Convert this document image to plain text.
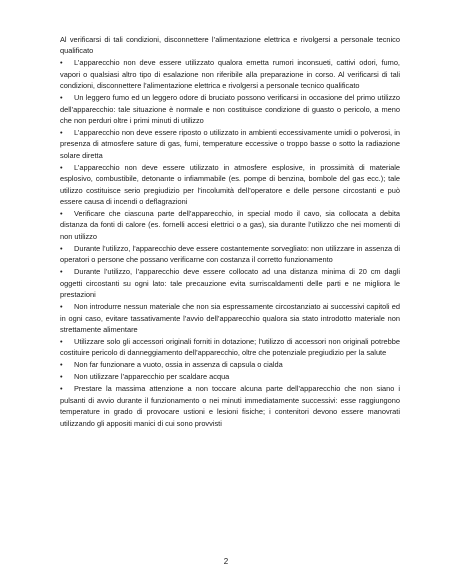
Al verificarsi di tali condizioni, disconnettere l’alimentazione elettrica e rivolgersi a personale tecnico qualificato

• L’apparecchio non deve essere utilizzato qualora emetta rumori inconsueti, cattivi odori, fumo, vapori o qualsiasi altro tipo di esalazione non riferibile alla preparazione in corso. Al verificarsi di tali condizioni, disconnettere l’alimentazione elettrica e rivolgersi a personale tecnico qualificato

• Un leggero fumo ed un leggero odore di bruciato possono verificarsi in occasione del primo utilizzo dell’apparecchio: tale situazione è normale e non costituisce condizione di guasto o pericolo, a meno che non perduri oltre i primi minuti di utilizzo

• L’apparecchio non deve essere riposto o utilizzato in ambienti eccessivamente umidi o polverosi, in presenza di atmosfere sature di gas, fumi, temperature eccessive o troppo basse o sotto la radiazione solare diretta

• L’apparecchio non deve essere utilizzato in atmosfere esplosive, in prossimità di materiale esplosivo, combustibile, detonante o infiammabile (es. pompe di benzina, bombole del gas ecc.); tale utilizzo costituisce serio pregiudizio per l’incolumità dell’operatore e delle persone circostanti e può essere causa di incendi o deflagrazioni

• Verificare che ciascuna parte dell’apparecchio, in special modo il cavo, sia collocata a debita distanza da fonti di calore (es. fornelli accesi elettrici o a gas), sia durante l’utilizzo che nei momenti di non utilizzo

• Durante l’utilizzo, l’apparecchio deve essere costantemente sorvegliato: non utilizzare in assenza di operatori o persone che possano verificarne con costanza il corretto funzionamento

• Durante l’utilizzo, l’apparecchio deve essere collocato ad una distanza minima di 20 cm dagli oggetti circostanti su ogni lato: tale precauzione evita surriscaldamenti delle parti e ne migliora le prestazioni

• Non introdurre nessun materiale che non sia espressamente circostanziato ai successivi capitoli ed in ogni caso, evitare tassativamente l’avvio dell’apparecchio qualora sia stato introdotto materiale non strettamente alimentare

• Utilizzare solo gli accessori originali forniti in dotazione; l’utilizzo di accessori non originali potrebbe costituire pericolo di danneggiamento dell’apparecchio, oltre che potenziale pregiudizio per la salute

• Non far funzionare a vuoto, ossia in assenza di capsula o cialda

• Non utilizzare l’apparecchio per scaldare acqua

• Prestare la massima attenzione a non toccare alcuna parte dell’apparecchio che non siano i pulsanti di avvio durante il funzionamento o nei minuti immediatamente successivi: esse raggiungono temperature in grado di provocare ustioni e lesioni fisiche; i contenitori devono essere manovrati utilizzando gli appositi manici di cui sono provvisti

2
